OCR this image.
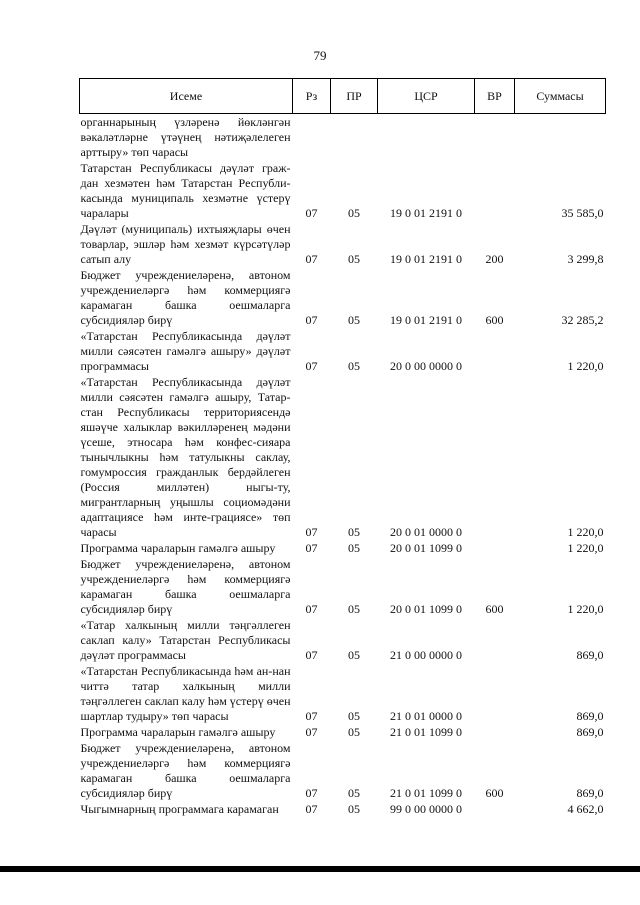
79
Исеме	Рз	ПР	ЦСР	ВР	Суммасы
органнарының үзләренә йөкләнгән вәкаләтләрне үтәүнең нәтиҗәлелеген арттыру» төп чарасы					
Татарстан Республикасы дәүләт граж-дан хезмәтен һәм Татарстан Республи-касында муниципаль хезмәтне үстерү чаралары	07	05	19 0 01 2191 0		35 585,0
Дәүләт (муниципаль) ихтыяҗлары өчен товарлар, эшләр һәм хезмәт күрсәтүләр сатып алу	07	05	19 0 01 2191 0	200	3 299,8
Бюджет учреждениеләренә, автоном учреждениеләргә һәм коммерциягә карамаган башка оешмаларга субсидияләр бирү	07	05	19 0 01 2191 0	600	32 285,2
«Татарстан Республикасында дәүләт милли сәясәтен гамәлгә ашыру» дәүләт программасы	07	05	20 0 00 0000 0		1 220,0
«Татарстан Республикасында дәүләт милли сәясәтен гамәлгә ашыру, Татар-стан Республикасы территориясендә яшәүче халыклар вәкилләренең мәдәни үсеше, этносара һәм конфес-сияара тынычлыкны һәм татулыкны саклау, гомумроссия гражданлык бердәйлеген (Россия милләтен) ныгы-ту, мигрантларның уңышлы социомәдәни адаптациясе һәм инте-грациясе» төп чарасы	07	05	20 0 01 0000 0		1 220,0
Программа чараларын гамәлгә ашыру	07	05	20 0 01 1099 0		1 220,0
Бюджет учреждениеләренә, автоном учреждениеләргә һәм коммерциягә карамаган башка оешмаларга субсидияләр бирү	07	05	20 0 01 1099 0	600	1 220,0
«Татар халкының милли тәңгәллеген саклап калу» Татарстан Республикасы дәүләт программасы	07	05	21 0 00 0000 0		869,0
«Татарстан Республикасында һәм ан-нан читтә татар халкының милли тәңгәллеген саклап калу һәм үстерү өчен шартлар тудыру» төп чарасы	07	05	21 0 01 0000 0		869,0
Программа чараларын гамәлгә ашыру	07	05	21 0 01 1099 0		869,0
Бюджет учреждениеләренә, автоном учреждениеләргә һәм коммерциягә карамаган башка оешмаларга субсидияләр бирү	07	05	21 0 01 1099 0	600	869,0
Чыгымнарның программага карамаган	07	05	99 0 00 0000 0		4 662,0
